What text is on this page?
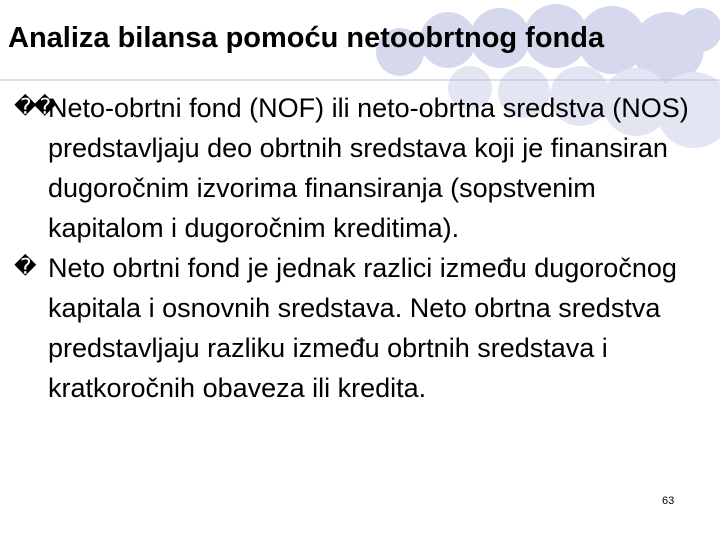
Analiza bilansa pomoću netoobrtnog fonda
��
Neto-obrtni fond (NOF) ili neto-obrtna sredstva (NOS) predstavljaju deo obrtnih sredstava koji je finansiran dugoročnim izvorima finansiranja (sopstvenim kapitalom i dugoročnim kreditima).
� Neto obrtni fond je jednak razlici između dugoročnog kapitala i osnovnih sredstava. Neto obrtna sredstva predstavljaju razliku između obrtnih sredstava i kratkoročnih obaveza ili kredita.
63
